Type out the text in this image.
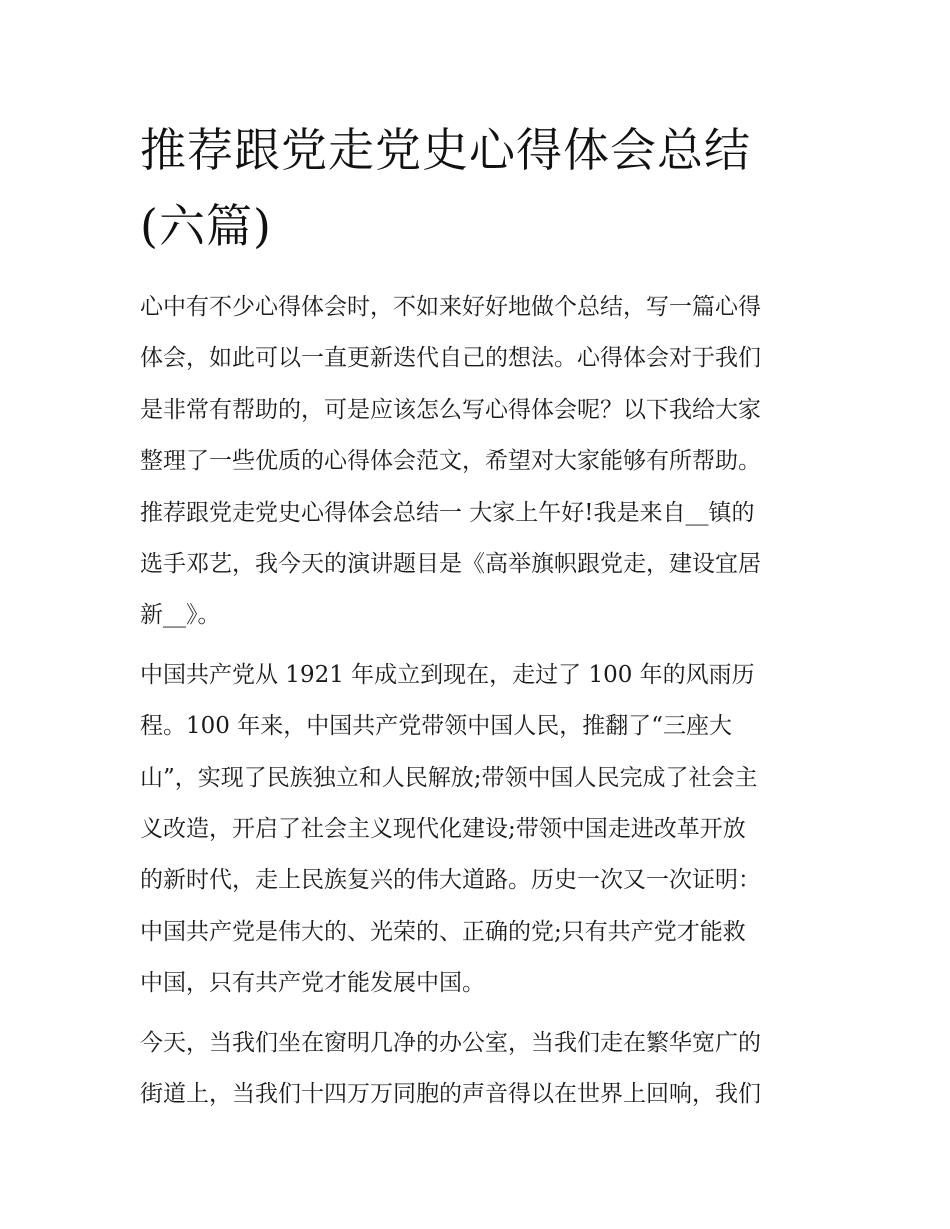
推荐跟党走党史心得体会总结
(六篇)

心中有不少心得体会时，不如来好好地做个总结，写一篇心得
体会，如此可以一直更新迭代自己的想法。心得体会对于我们
是非常有帮助的，可是应该怎么写心得体会呢？以下我给大家
整理了一些优质的心得体会范文，希望对大家能够有所帮助。
推荐跟党走党史心得体会总结一 大家上午好!我是来自__镇的
选手邓艺，我今天的演讲题目是《高举旗帜跟党走，建设宜居
新__》。

中国共产党从 1921 年成立到现在，走过了 100 年的风雨历
程。100 年来，中国共产党带领中国人民，推翻了“三座大
山”，实现了民族独立和人民解放;带领中国人民完成了社会主
义改造，开启了社会主义现代化建设;带领中国走进改革开放
的新时代，走上民族复兴的伟大道路。历史一次又一次证明：
中国共产党是伟大的、光荣的、正确的党;只有共产党才能救
中国，只有共产党才能发展中国。

今天，当我们坐在窗明几净的办公室，当我们走在繁华宽广的
街道上，当我们十四万万同胞的声音得以在世界上回响，我们
